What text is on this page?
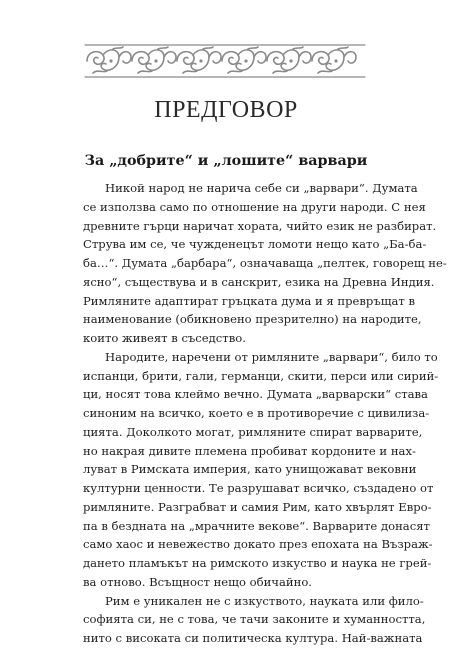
ПРЕДГОВОР
За „добрите“ и „лошите“ варвари
Никой народ не нарича себе си „варвари“. Думата
се използва само по отношение на други народи. С нея
древните гърци наричат хората, чийто език не разбират.
Струва им се, че чужденецът ломоти нещо като „Ба-ба-
ба…“. Думата „барбара“, означаваща „пелтек, говорещ не-
ясно“, съществува и в санскрит, езика на Древна Индия.
Римляните адаптират гръцката дума и я превръщат в
наименование (обикновено презрително) на народите,
които живеят в съседство.
Народите, наречени от римляните „варвари“, било то
испанци, брити, гали, германци, скити, перси или сирий-
ци, носят това клеймо вечно. Думата „варварски“ става
синоним на всичко, което е в противоречие с цивилиза-
цията. Доколкото могат, римляните спират варварите,
но накрая дивите племена пробиват кордоните и нах-
луват в Римската империя, като унищожават вековни
културни ценности. Те разрушават всичко, създадено от
римляните. Разграбват и самия Рим, като хвърлят Евро-
па в бездната на „мрачните векове“. Варварите донасят
само хаос и невежество докато през епохата на Възраж-
дането пламъкът на римското изкуство и наука не грей-
ва отново. Всъщност нещо обичайно.
Рим е уникален не с изкуството, науката или фило-
софията си, не с това, че тачи законите и хуманността,
нито с високата си политическа култура. Най-важната
